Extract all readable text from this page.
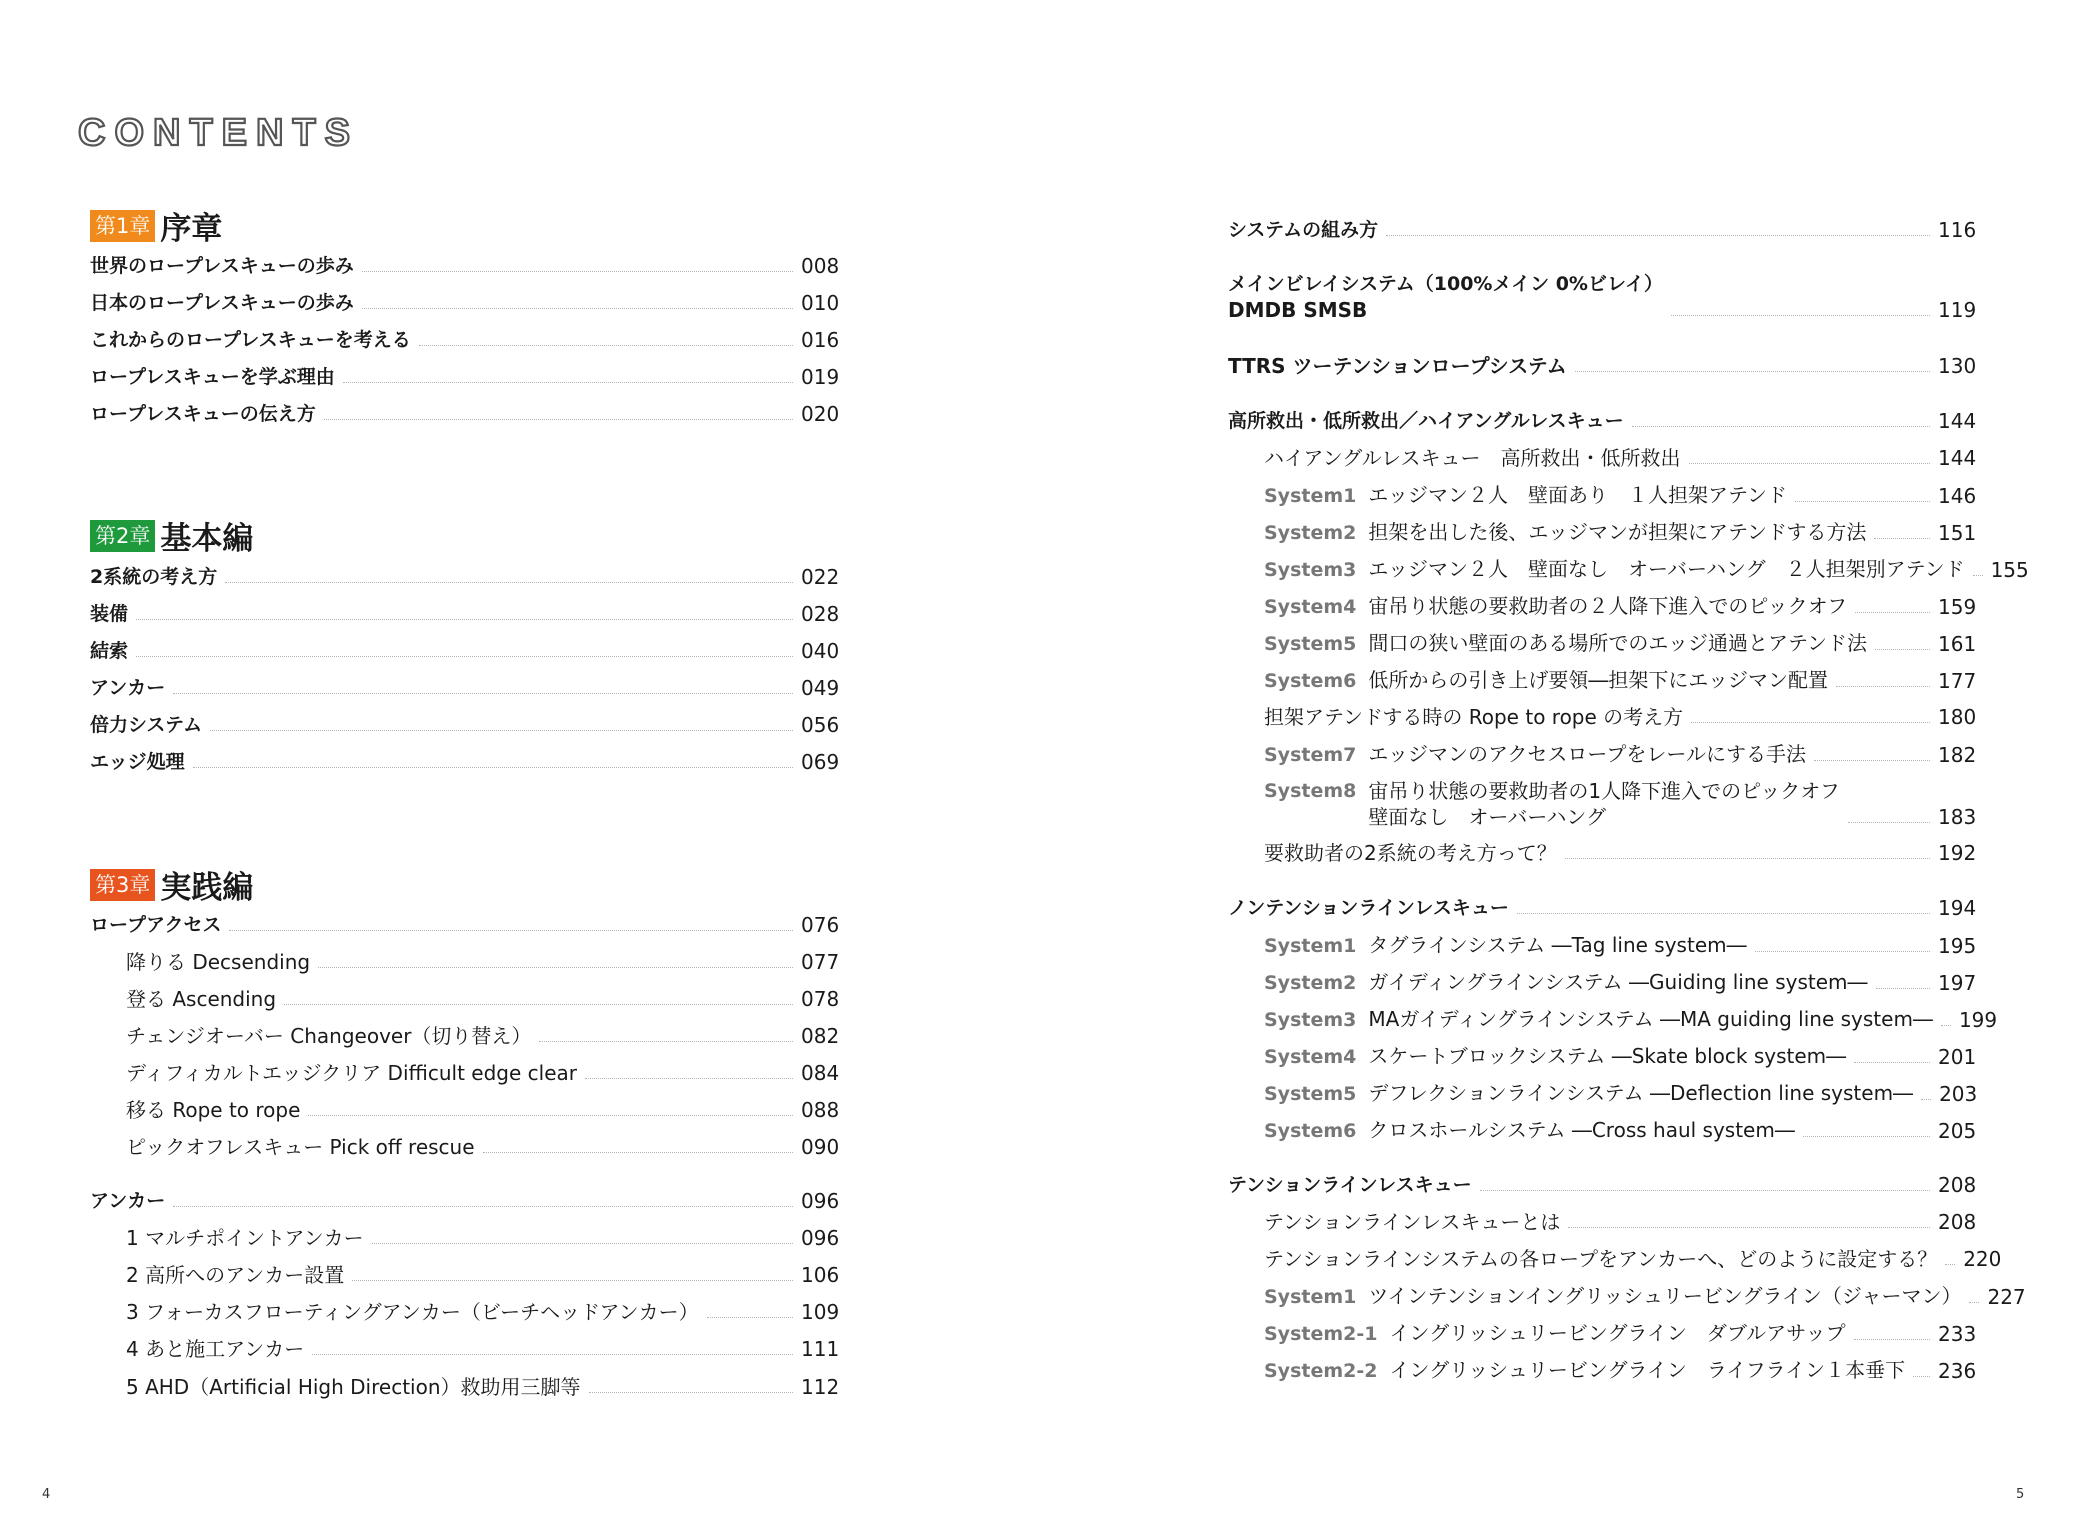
CONTENTS
第1章 序章
世界のロープレスキューの歩み	008
日本のロープレスキューの歩み	010
これからのロープレスキューを考える	016
ロープレスキューを学ぶ理由	019
ロープレスキューの伝え方	020
第2章 基本編
2系統の考え方	022
装備	028
結索	040
アンカー	049
倍力システム	056
エッジ処理	069
第3章 実践編
ロープアクセス	076
降りる Decsending	077
登る Ascending	078
チェンジオーバー Changeover（切り替え）	082
ディフィカルトエッジクリア Difficult edge clear	084
移る Rope to rope	088
ピックオフレスキュー Pick off rescue	090
アンカー	096
1 マルチポイントアンカー	096
2 高所へのアンカー設置	106
3 フォーカスフローティングアンカー（ビーチヘッドアンカー）	109
4 あと施工アンカー	111
5 AHD（Artificial High Direction）救助用三脚等	112
システムの組み方	116
メインビレイシステム（100%メイン 0%ビレイ）
DMDB SMSB	119
TTRS ツーテンションロープシステム	130
高所救出・低所救出／ハイアングルレスキュー	144
ハイアングルレスキュー　高所救出・低所救出	144
System1 エッジマン２人　壁面あり　１人担架アテンド	146
System2 担架を出した後、エッジマンが担架にアテンドする方法	151
System3 エッジマン２人　壁面なし　オーバーハング　２人担架別アテンド 155
System4 宙吊り状態の要救助者の２人降下進入でのピックオフ	159
System5 間口の狭い壁面のある場所でのエッジ通過とアテンド法	161
System6 低所からの引き上げ要領―担架下にエッジマン配置	177
担架アテンドする時の Rope to rope の考え方	180
System7 エッジマンのアクセスロープをレールにする手法	182
System8 宙吊り状態の要救助者の1人降下進入でのピックオフ
壁面なし　オーバーハング	183
要救助者の2系統の考え方って？	192
ノンテンションラインレスキュー	194
System1 タグラインシステム ―Tag line system―	195
System2 ガイディングラインシステム ―Guiding line system―	197
System3 MAガイディングラインシステム ―MA guiding line system― 199
System4 スケートブロックシステム ―Skate block system―	201
System5 デフレクションラインシステム ―Deflection line system― 203
System6 クロスホールシステム ―Cross haul system―	205
テンションラインレスキュー	208
テンションラインレスキューとは	208
テンションラインシステムの各ロープをアンカーへ、どのように設定する？ 220
System1 ツインテンションイングリッシュリービングライン（ジャーマン） 227
System2-1 イングリッシュリービングライン　ダブルアサップ	233
System2-2 イングリッシュリービングライン　ライフライン１本垂下 236
4	5
